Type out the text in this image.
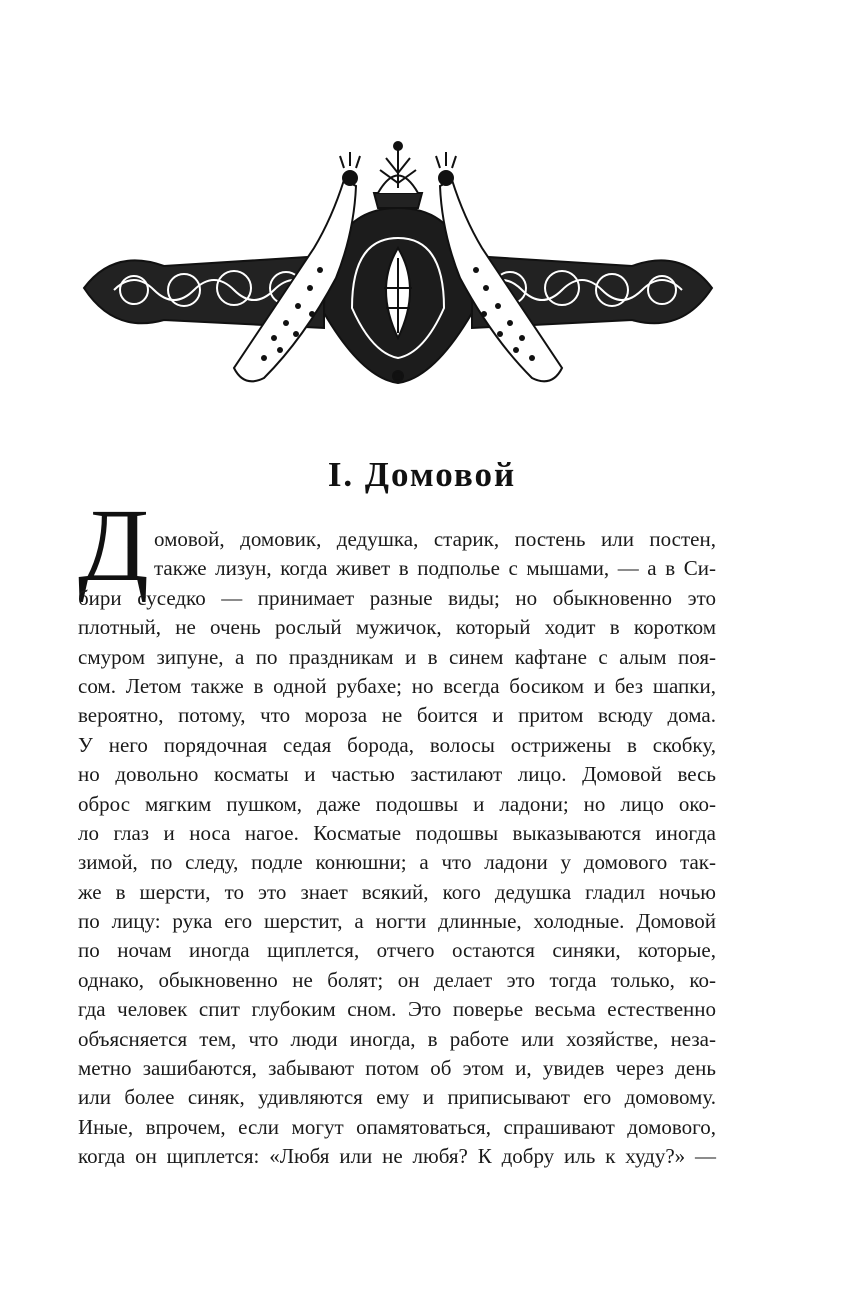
I. Домовой
Д омовой, домовик, дедушка, старик, постень или постен,
также лизун, когда живет в подполье с мышами, — а в Си-
бири суседко — принимает разные виды; но обыкновенно это
плотный, не очень рослый мужичок, который ходит в коротком
смуром зипуне, а по праздникам и в синем кафтане с алым поя-
сом. Летом также в одной рубахе; но всегда босиком и без шапки,
вероятно, потому, что мороза не боится и притом всюду дома.
У него порядочная седая борода, волосы острижены в скобку,
но довольно косматы и частью застилают лицо. Домовой весь
оброс мягким пушком, даже подошвы и ладони; но лицо око-
ло глаз и носа нагое. Косматые подошвы выказываются иногда
зимой, по следу, подле конюшни; а что ладони у домового так-
же в шерсти, то это знает всякий, кого дедушка гладил ночью
по лицу: рука его шерстит, а ногти длинные, холодные. Домовой
по ночам иногда щиплется, отчего остаются синяки, которые,
однако, обыкновенно не болят; он делает это тогда только, ко-
гда человек спит глубоким сном. Это поверье весьма естественно
объясняется тем, что люди иногда, в работе или хозяйстве, неза-
метно зашибаются, забывают потом об этом и, увидев через день
или более синяк, удивляются ему и приписывают его домовому.
Иные, впрочем, если могут опамятоваться, спрашивают домового,
когда он щиплется: «Любя или не любя? К добру иль к худу?» —
